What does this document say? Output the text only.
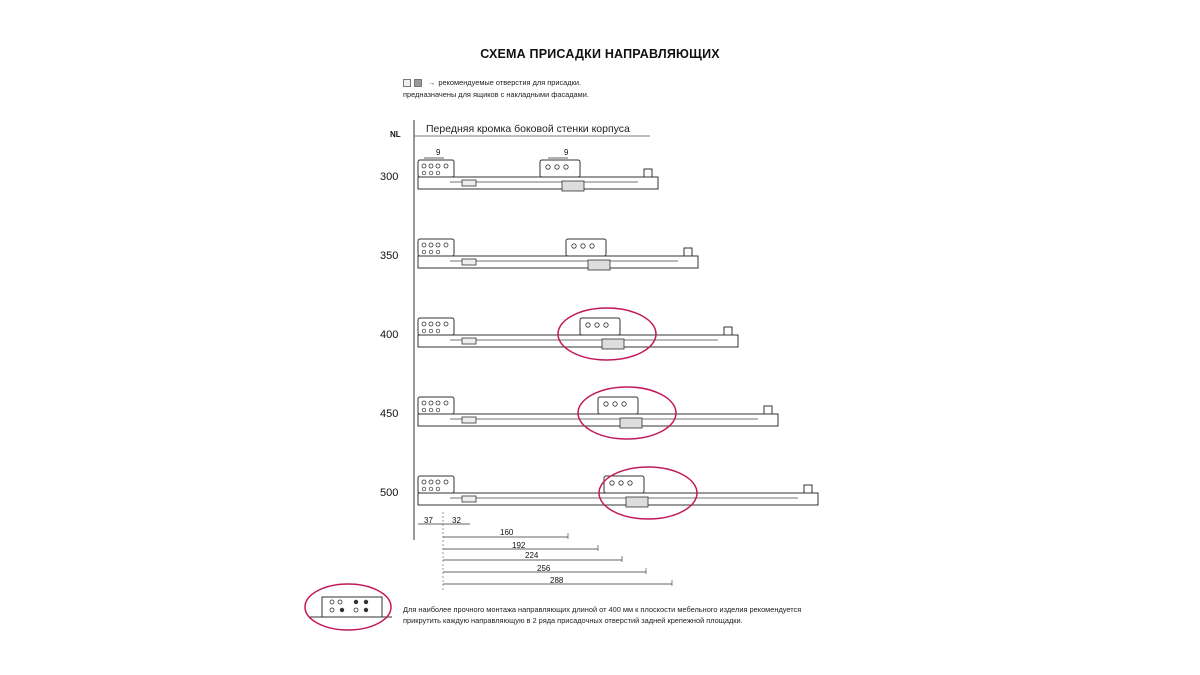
СХЕМА ПРИСАДКИ НАПРАВЛЯЮЩИХ
→ рекомендуемые отверстия для присадки.
предназначены для ящиков с накладными фасадами.
NL Передняя кромка боковой стенки корпуса
9	9
300
350
400
450
500
37 32
160
192
224
256
288
Для наиболее прочного монтажа направляющих длиной от 400 мм к плоскости мебельного изделия рекомендуется
прикрутить каждую направляющую в 2 ряда присадочных отверстий задней крепежной площадки.
